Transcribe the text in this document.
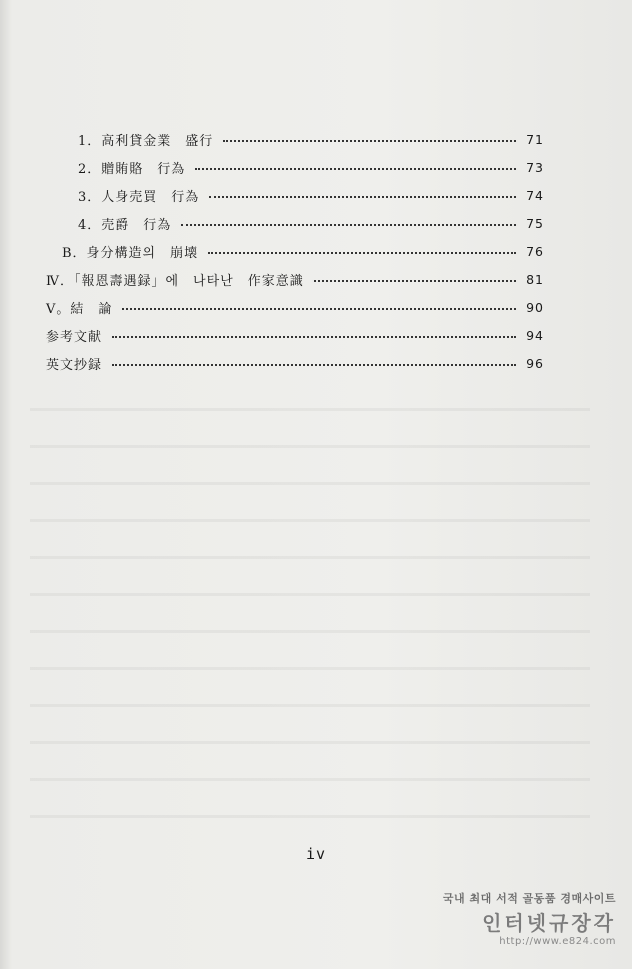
1．高利貸金業　盛行	71
2．贈賄賂　行為	73
3．人身売買　行為	74
4．売爵　行為	75
B．身分構造의　崩壊	76
Ⅳ．「報恩壽遇録」에　나타난　作家意識	81
Ⅴ。結　論	90
参考文献	94
英文抄録	96
iv
국내 최대 서적 골동품 경매사이트
인터넷규장각
http://www.e824.com
